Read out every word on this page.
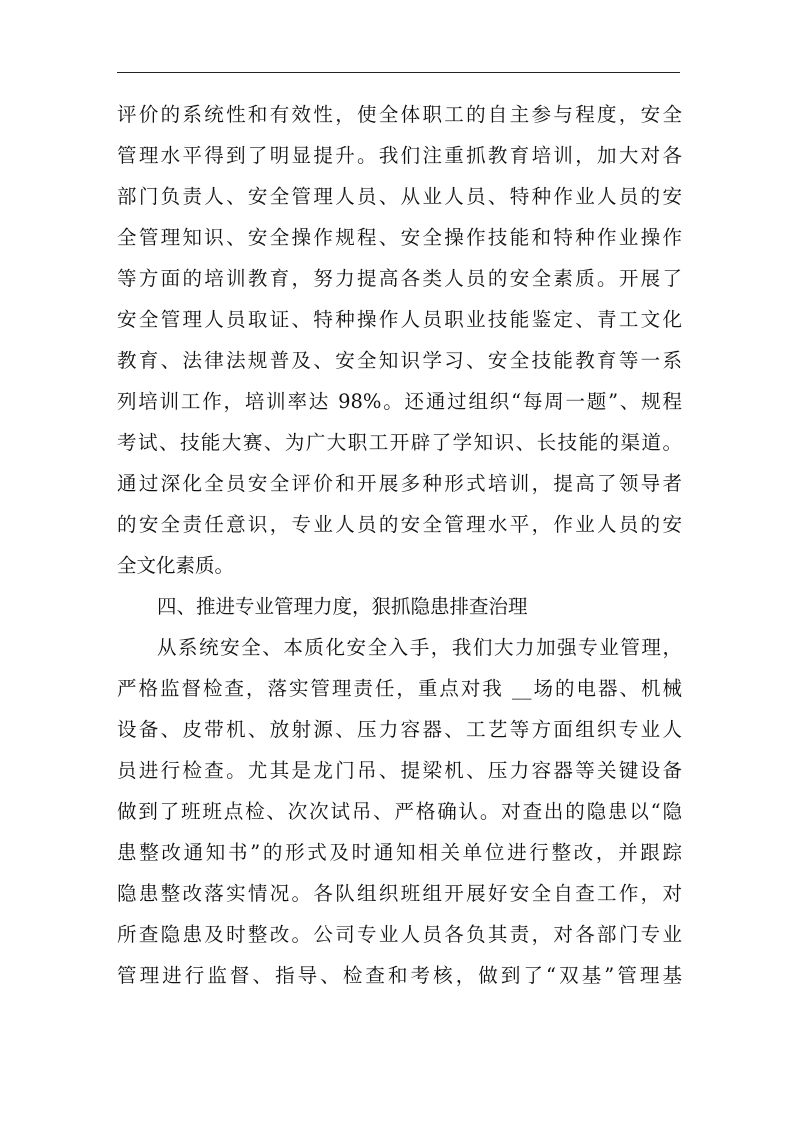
评价的系统性和有效性，使全体职工的自主参与程度，安全
管理水平得到了明显提升。我们注重抓教育培训，加大对各
部门负责人、安全管理人员、从业人员、特种作业人员的安
全管理知识、安全操作规程、安全操作技能和特种作业操作
等方面的培训教育，努力提高各类人员的安全素质。开展了
安全管理人员取证、特种操作人员职业技能鉴定、青工文化
教育、法律法规普及、安全知识学习、安全技能教育等一系
列培训工作，培训率达 98%。还通过组织“每周一题”、规程
考试、技能大赛、为广大职工开辟了学知识、长技能的渠道。
通过深化全员安全评价和开展多种形式培训，提高了领导者
的安全责任意识，专业人员的安全管理水平，作业人员的安
全文化素质。
四、推进专业管理力度，狠抓隐患排查治理
从系统安全、本质化安全入手，我们大力加强专业管理，
严格监督检查，落实管理责任，重点对我 __场的电器、机械
设备、皮带机、放射源、压力容器、工艺等方面组织专业人
员进行检查。尤其是龙门吊、提梁机、压力容器等关键设备
做到了班班点检、次次试吊、严格确认。对查出的隐患以“隐
患整改通知书”的形式及时通知相关单位进行整改，并跟踪
隐患整改落实情况。各队组织班组开展好安全自查工作，对
所查隐患及时整改。公司专业人员各负其责，对各部门专业
管理进行监督、指导、检查和考核，做到了“双基”管理基
